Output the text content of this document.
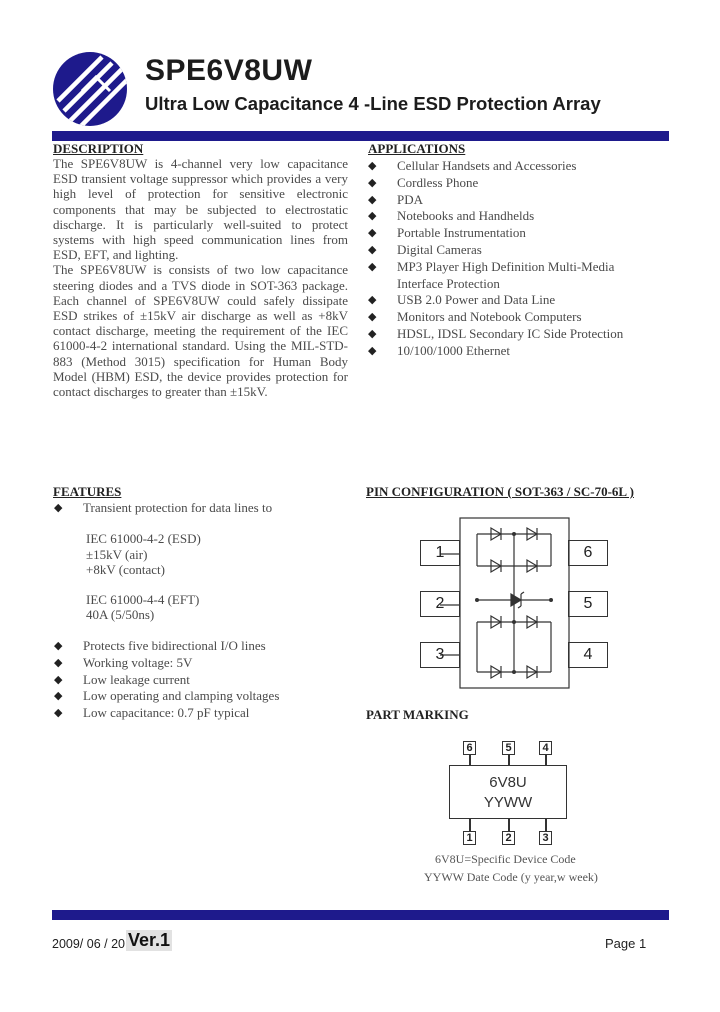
SPE6V8UW
Ultra Low Capacitance 4 -Line ESD Protection Array
DESCRIPTION

The SPE6V8UW is 4-channel very low capacitance ESD transient voltage suppressor which provides a very high level of protection for sensitive electronic components that may be subjected to electrostatic discharge. It is particularly well-suited to protect systems with high speed communication lines from ESD, EFT, and lighting.

The SPE6V8UW is consists of two low capacitance steering diodes and a TVS diode in SOT-363 package. Each channel of SPE6V8UW could safely dissipate ESD strikes of ±15kV air discharge as well as +8kV contact discharge, meeting the requirement of the IEC 61000-4-2 international standard. Using the MIL-STD-883 (Method 3015) specification for Human Body Model (HBM) ESD, the device provides protection for contact discharges to greater than ±15kV.

APPLICATIONS
◆ Cellular Handsets and Accessories
◆ Cordless Phone
◆ PDA
◆ Notebooks and Handhelds
◆ Portable Instrumentation
◆ Digital Cameras
◆ MP3 Player High Definition Multi-Media Interface Protection
◆ USB 2.0 Power and Data Line
◆ Monitors and Notebook Computers
◆ HDSL, IDSL Secondary IC Side Protection
◆ 10/100/1000 Ethernet
FEATURES
◆ Transient protection for data lines to
IEC 61000-4-2 (ESD)
±15kV (air)
+8kV (contact)
IEC 61000-4-4 (EFT)
40A (5/50ns)
◆ Protects five bidirectional I/O lines
◆ Working voltage: 5V
◆ Low leakage current
◆ Low operating and clamping voltages
◆ Low capacitance: 0.7 pF typical
PIN CONFIGURATION ( SOT-363 / SC-70-6L )
1
2
3
6
5
4
PART MARKING
6	5	4
6V8U
YYWW
1	2	3
6V8U=Specific Device Code
YYWW Date Code (y year,w week)
2009/ 06 / 20 Ver.1	Page 1
